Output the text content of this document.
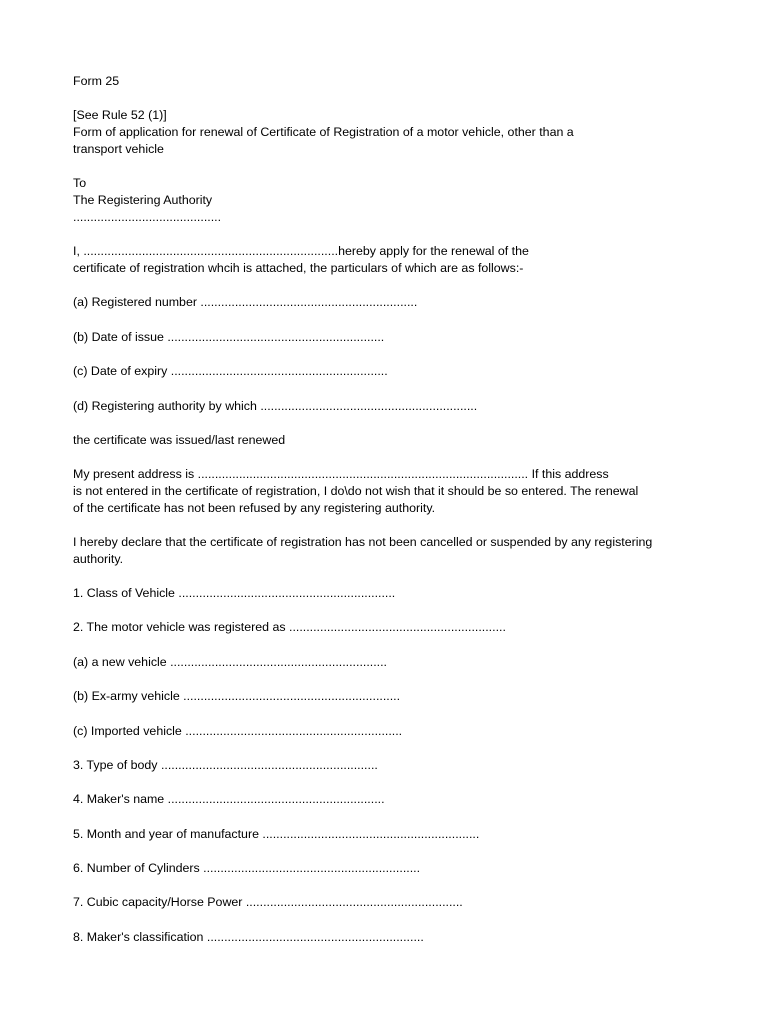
Form 25
[See Rule 52 (1)]
Form of application for renewal of Certificate of Registration of a motor vehicle, other than a
transport vehicle
To
The Registering Authority
...........................................
I, ..........................................................................hereby apply for the renewal of the
certificate of registration whcih is attached, the particulars of which are as follows:-
(a) Registered number ...............................................................
(b) Date of issue ...............................................................
(c) Date of expiry ...............................................................
(d) Registering authority by which ...............................................................
the certificate was issued/last renewed
My present address is ................................................................................................ If this address
is not entered in the certificate of registration, I do\do not wish that it should be so entered. The renewal
of the certificate has not been refused by any registering authority.
I hereby declare that the certificate of registration has not been cancelled or suspended by any registering
authority.
1. Class of Vehicle ...............................................................
2. The motor vehicle was registered as ...............................................................
(a) a new vehicle ...............................................................
(b) Ex-army vehicle ...............................................................
(c) Imported vehicle ...............................................................
3. Type of body ...............................................................
4. Maker's name ...............................................................
5. Month and year of manufacture ...............................................................
6. Number of Cylinders ...............................................................
7. Cubic capacity/Horse Power ...............................................................
8. Maker's classification ...............................................................
